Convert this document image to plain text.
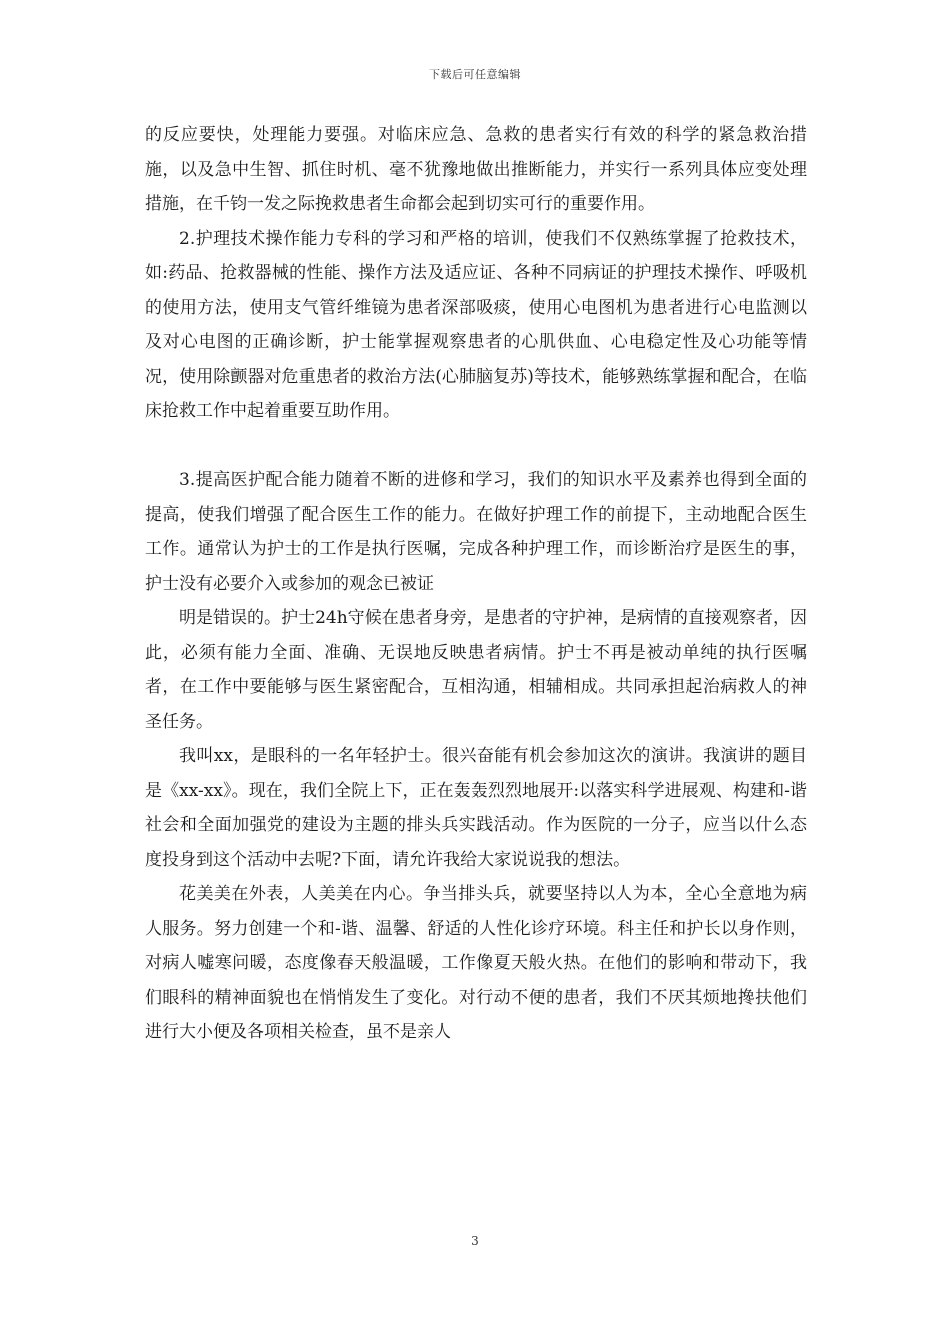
下载后可任意编辑

的反应要快，处理能力要强。对临床应急、急救的患者实行有效的科学的紧急救治措施，以及急中生智、抓住时机、毫不犹豫地做出推断能力，并实行一系列具体应变处理措施，在千钧一发之际挽救患者生命都会起到切实可行的重要作用。

2.护理技术操作能力专科的学习和严格的培训，使我们不仅熟练掌握了抢救技术，如:药品、抢救器械的性能、操作方法及适应证、各种不同病证的护理技术操作、呼吸机的使用方法，使用支气管纤维镜为患者深部吸痰，使用心电图机为患者进行心电监测以及对心电图的正确诊断，护士能掌握观察患者的心肌供血、心电稳定性及心功能等情况，使用除颤器对危重患者的救治方法(心肺脑复苏)等技术，能够熟练掌握和配合，在临床抢救工作中起着重要互助作用。

3.提高医护配合能力随着不断的进修和学习，我们的知识水平及素养也得到全面的提高，使我们增强了配合医生工作的能力。在做好护理工作的前提下，主动地配合医生工作。通常认为护士的工作是执行医嘱，完成各种护理工作，而诊断治疗是医生的事，护士没有必要介入或参加的观念已被证

明是错误的。护士24h守候在患者身旁，是患者的守护神，是病情的直接观察者，因此，必须有能力全面、准确、无误地反映患者病情。护士不再是被动单纯的执行医嘱者，在工作中要能够与医生紧密配合，互相沟通，相辅相成。共同承担起治病救人的神圣任务。

我叫xx，是眼科的一名年轻护士。很兴奋能有机会参加这次的演讲。我演讲的题目是《xx-xx》。现在，我们全院上下，正在轰轰烈烈地展开:以落实科学进展观、构建和-谐社会和全面加强党的建设为主题的排头兵实践活动。作为医院的一分子，应当以什么态度投身到这个活动中去呢?下面，请允许我给大家说说我的想法。

花美美在外表，人美美在内心。争当排头兵，就要坚持以人为本，全心全意地为病人服务。努力创建一个和-谐、温馨、舒适的人性化诊疗环境。科主任和护长以身作则，对病人嘘寒问暖，态度像春天般温暖，工作像夏天般火热。在他们的影响和带动下，我们眼科的精神面貌也在悄悄发生了变化。对行动不便的患者，我们不厌其烦地搀扶他们进行大小便及各项相关检查，虽不是亲人

3
